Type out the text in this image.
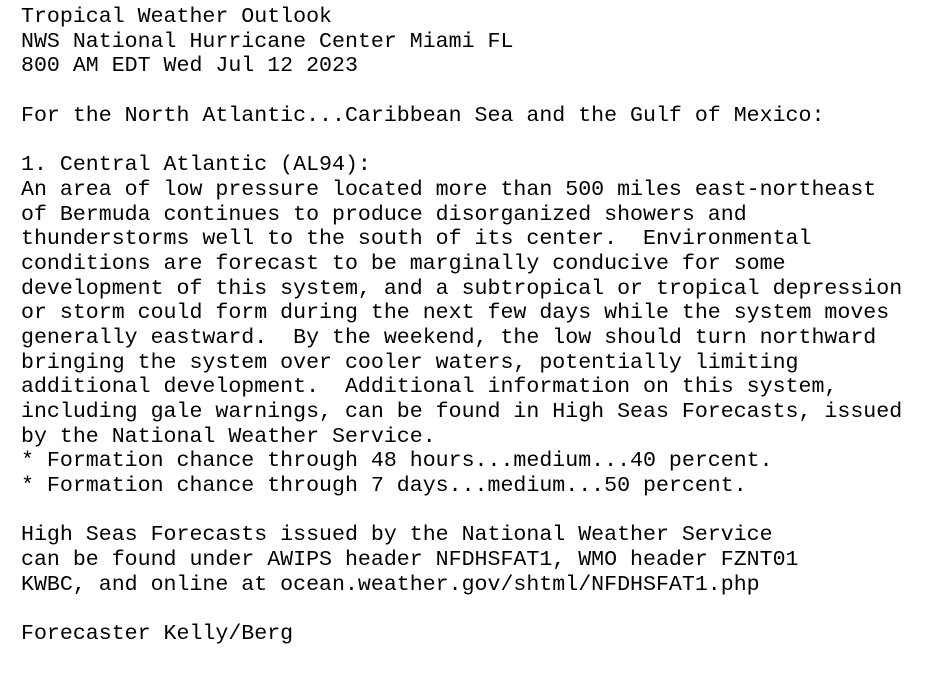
Tropical Weather Outlook
NWS National Hurricane Center Miami FL
800 AM EDT Wed Jul 12 2023
For the North Atlantic...Caribbean Sea and the Gulf of Mexico:
1. Central Atlantic (AL94):
An area of low pressure located more than 500 miles east-northeast
of Bermuda continues to produce disorganized showers and
thunderstorms well to the south of its center.  Environmental
conditions are forecast to be marginally conducive for some
development of this system, and a subtropical or tropical depression
or storm could form during the next few days while the system moves
generally eastward.  By the weekend, the low should turn northward
bringing the system over cooler waters, potentially limiting
additional development.  Additional information on this system,
including gale warnings, can be found in High Seas Forecasts, issued
by the National Weather Service.
* Formation chance through 48 hours...medium...40 percent.
* Formation chance through 7 days...medium...50 percent.
High Seas Forecasts issued by the National Weather Service
can be found under AWIPS header NFDHSFAT1, WMO header FZNT01
KWBC, and online at ocean.weather.gov/shtml/NFDHSFAT1.php
Forecaster Kelly/Berg
